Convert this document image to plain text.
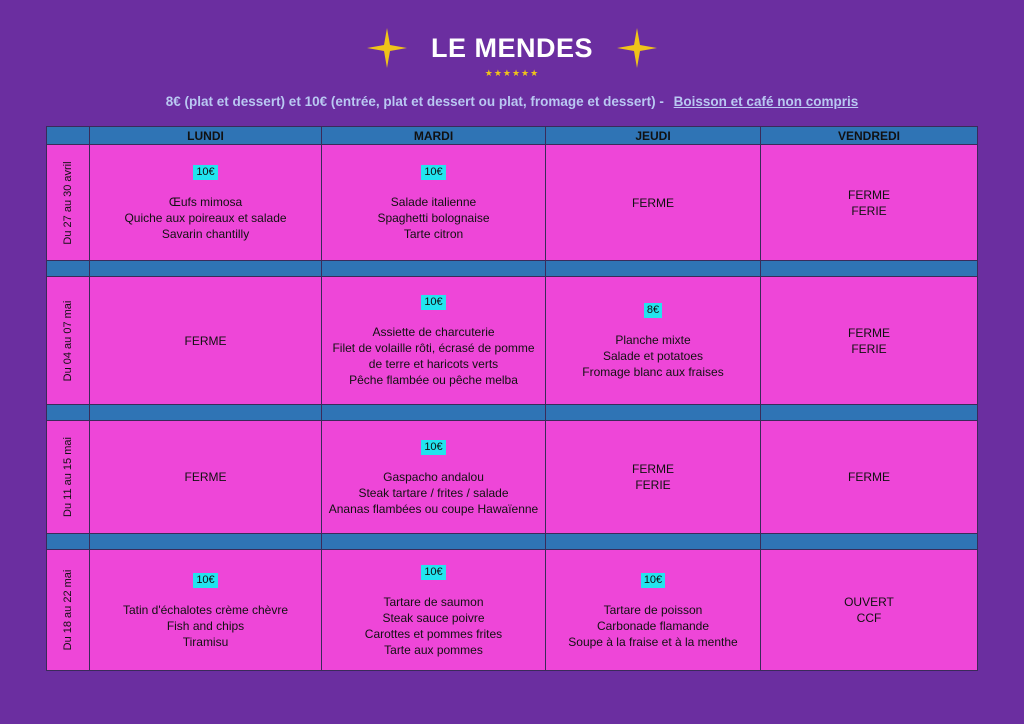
LE MENDES
★★★★★★
8€ (plat et dessert) et 10€ (entrée, plat et dessert ou plat, fromage et dessert) - Boisson et café non compris
	LUNDI	MARDI	JEUDI	VENDREDI

Du 27 au 30 avril	10€
Œufs mimosa
Quiche aux poireaux et salade
Savarin chantilly	10€
Salade italienne
Spaghetti bolognaise
Tarte citron	FERME	FERME
FERIE

Du 04 au 07 mai	FERME	10€
Assiette de charcuterie
Filet de volaille rôti, écrasé de pomme
de terre et haricots verts
Pêche flambée ou pêche melba	8€
Planche mixte
Salade et potatoes
Fromage blanc aux fraises	FERME
FERIE

Du 11 au 15 mai	FERME	10€
Gaspacho andalou
Steak tartare / frites / salade
Ananas flambées ou coupe Hawaïenne	FERME
FERIE	FERME

Du 18 au 22 mai	10€
Tatin d'échalotes crème chèvre
Fish and chips
Tiramisu	10€
Tartare de saumon
Steak sauce poivre
Carottes et pommes frites
Tarte aux pommes	10€
Tartare de poisson
Carbonade flamande
Soupe à la fraise et à la menthe	OUVERT
CCF
